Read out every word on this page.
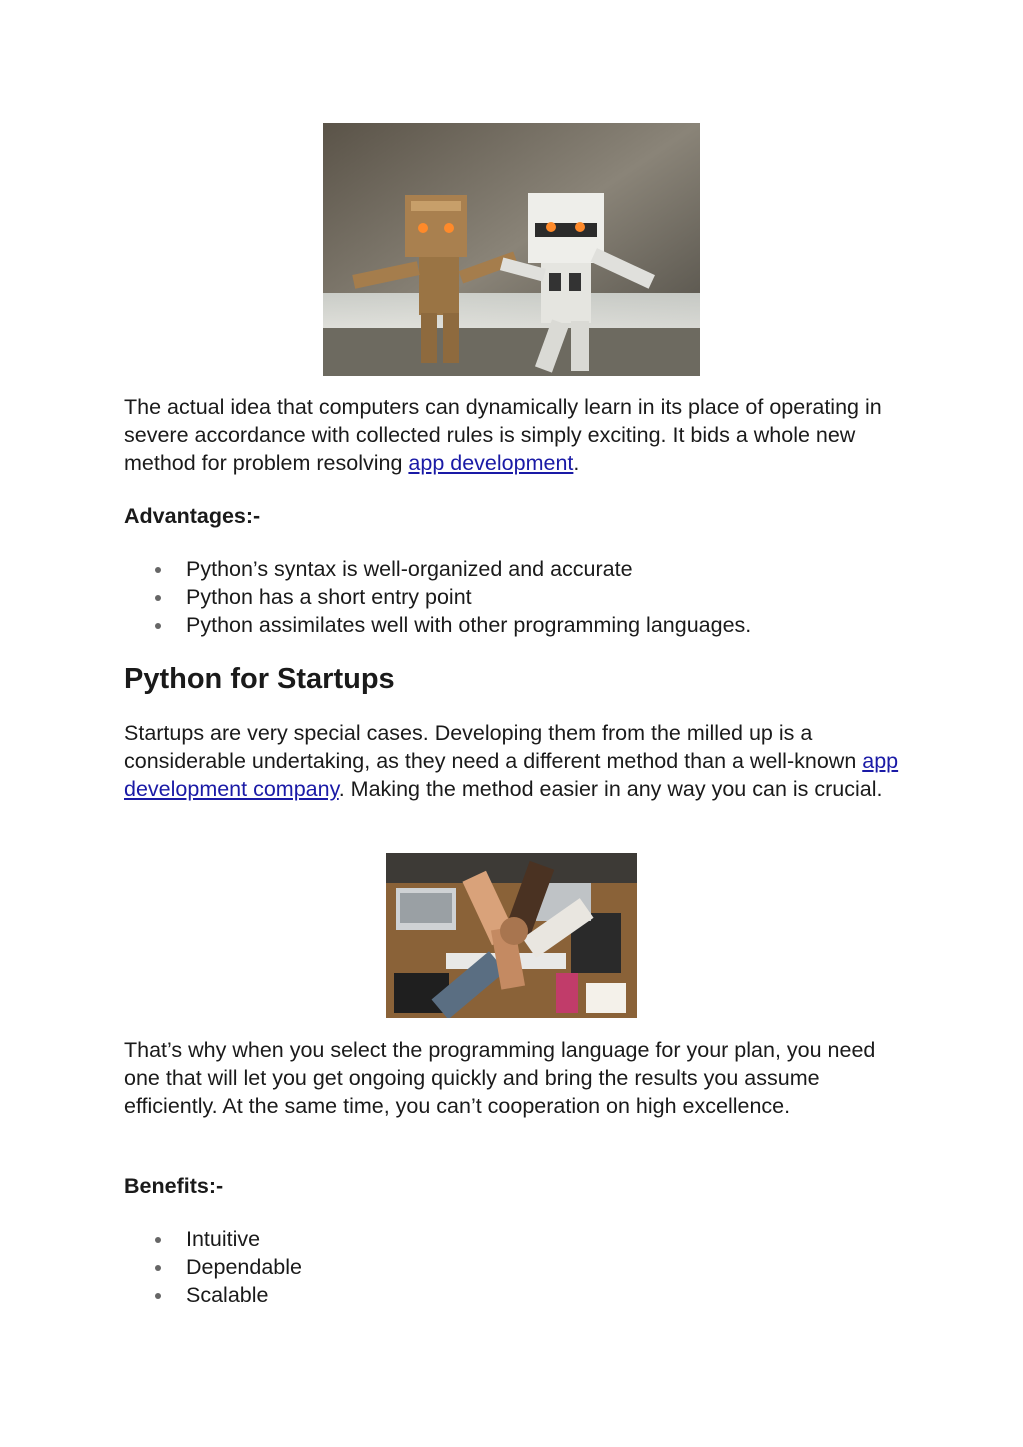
The actual idea that computers can dynamically learn in its place of operating in severe accordance with collected rules is simply exciting. It bids a whole new method for problem resolving app development.

Advantages:-
Python’s syntax is well-organized and accurate
Python has a short entry point
Python assimilates well with other programming languages.
Python for Startups

Startups are very special cases. Developing them from the milled up is a considerable undertaking, as they need a different method than a well-known app development company. Making the method easier in any way you can is crucial.

That’s why when you select the programming language for your plan, you need one that will let you get ongoing quickly and bring the results you assume efficiently. At the same time, you can’t cooperation on high excellence.

Benefits:-
Intuitive
Dependable
Scalable
